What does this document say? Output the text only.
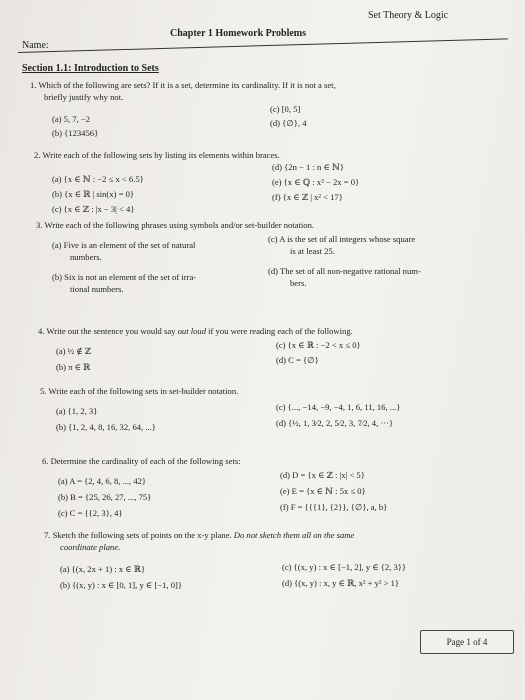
Set Theory & Logic
Chapter 1 Homework Problems
Name:
Section 1.1: Introduction to Sets
1. Which of the following are sets? If it is a set, determine its cardinality. If it is not a set,
briefly justify why not.
(a) 5, 7, −2
(b) {123456}
(c) [0, 5]
(d) {∅}, 4
2. Write each of the following sets by listing its elements within braces.
(a) {x ∈ ℕ : −2 ≤ x < 6.5}
(b) {x ∈ ℝ | sin(x) = 0}
(c) {x ∈ ℤ : |x − 3| < 4}
(d) {2n − 1 : n ∈ ℕ}
(e) {x ∈ ℚ : x³ − 2x = 0}
(f) {x ∈ ℤ | x² < 17}
3. Write each of the following phrases using symbols and/or set-builder notation.
(a) Five is an element of the set of natural
numbers.
(b) Six is not an element of the set of irra-
tional numbers.
(c) A is the set of all integers whose square
is at least 25.
(d) The set of all non-negative rational num-
bers.
4. Write out the sentence you would say out loud if you were reading each of the following.
(a) ½ ∉ ℤ
(b) π ∈ ℝ
(c) {x ∈ ℝ : −2 < x ≤ 0}
(d) C = {∅}
5. Write each of the following sets in set-builder notation.
(a) {1, 2, 3}
(b) {1, 2, 4, 8, 16, 32, 64, ...}
(c) {..., −14, −9, −4, 1, 6, 11, 16, ...}
(d) {½, 1, 3⁄2, 2, 5⁄2, 3, 7⁄2, 4, ···}
6. Determine the cardinality of each of the following sets:
(a) A = {2, 4, 6, 8, ..., 42}
(b) B = {25, 26, 27, ..., 75}
(c) C = {{2, 3}, 4}
(d) D = {x ∈ ℤ : |x| < 5}
(e) E = {x ∈ ℕ : 5x ≤ 0}
(f) F = {{{1}, {2}}, {∅}, a, b}
7. Sketch the following sets of points on the x-y plane. Do not sketch them all on the same
coordinate plane.
(a) {(x, 2x + 1) : x ∈ ℝ}
(b) {(x, y) : x ∈ [0, 1], y ∈ [−1, 0]}
(c) {(x, y) : x ∈ [−1, 2], y ∈ {2, 3}}
(d) {(x, y) : x, y ∈ ℝ, x² + y² > 1}
Page 1 of 4
